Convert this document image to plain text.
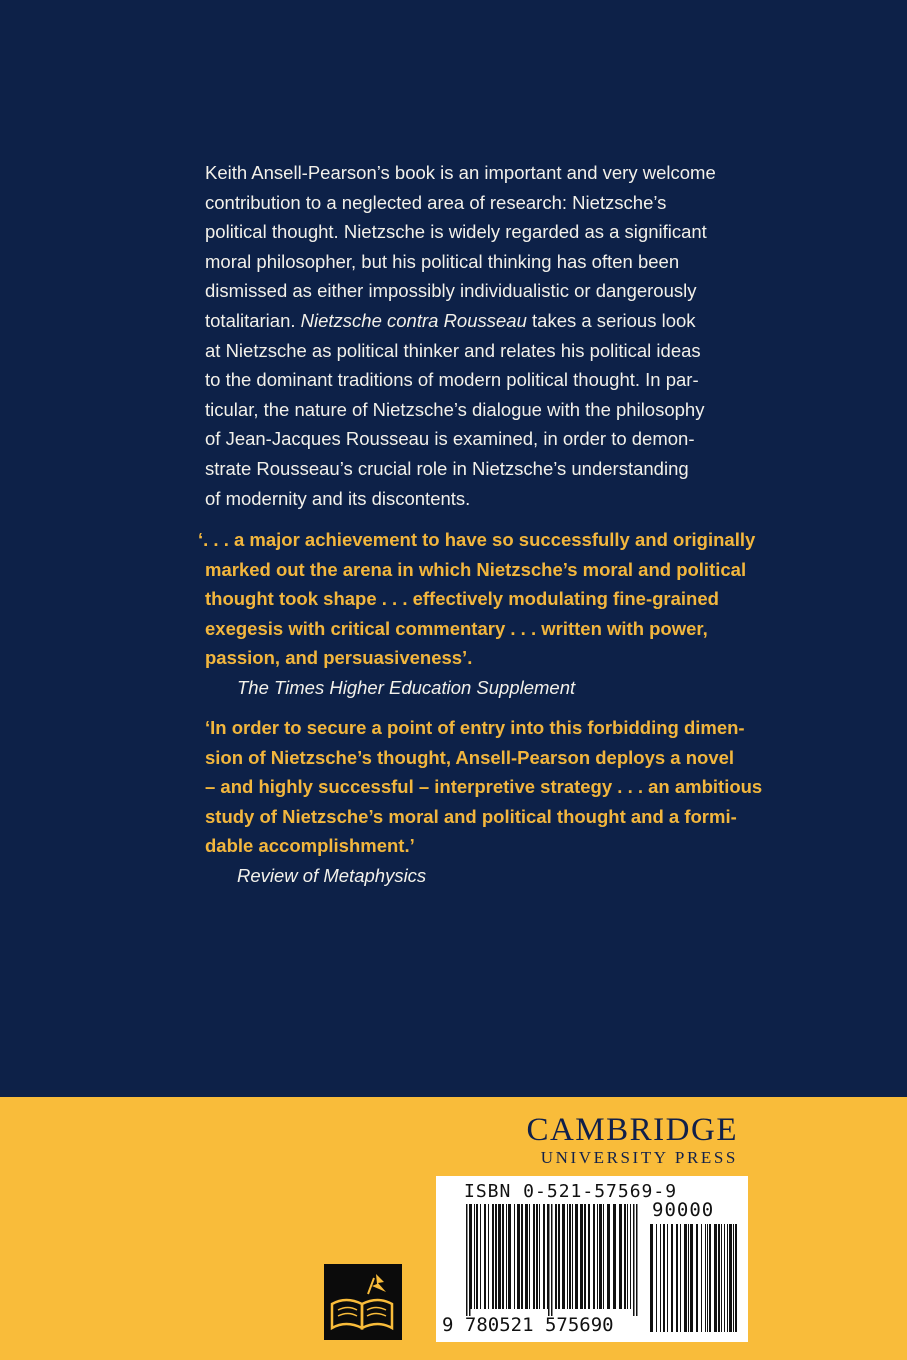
Keith Ansell-Pearson’s book is an important and very welcome
contribution to a neglected area of research: Nietzsche’s
political thought. Nietzsche is widely regarded as a significant
moral philosopher, but his political thinking has often been
dismissed as either impossibly individualistic or dangerously
totalitarian. Nietzsche contra Rousseau takes a serious look
at Nietzsche as political thinker and relates his political ideas
to the dominant traditions of modern political thought. In par-
ticular, the nature of Nietzsche’s dialogue with the philosophy
of Jean-Jacques Rousseau is examined, in order to demon-
strate Rousseau’s crucial role in Nietzsche’s understanding
of modernity and its discontents.
‘. . . a major achievement to have so successfully and originally
marked out the arena in which Nietzsche’s moral and political
thought took shape . . . effectively modulating fine-grained
exegesis with critical commentary . . . written with power,
passion, and persuasiveness’.
The Times Higher Education Supplement
‘In order to secure a point of entry into this forbidding dimen-
sion of Nietzsche’s thought, Ansell-Pearson deploys a novel
– and highly successful – interpretive strategy . . . an ambitious
study of Nietzsche’s moral and political thought and a formi-
dable accomplishment.’
Review of Metaphysics
CAMBRIDGE
UNIVERSITY PRESS
ISBN 0-521-57569-9
90000
9 780521 575690
